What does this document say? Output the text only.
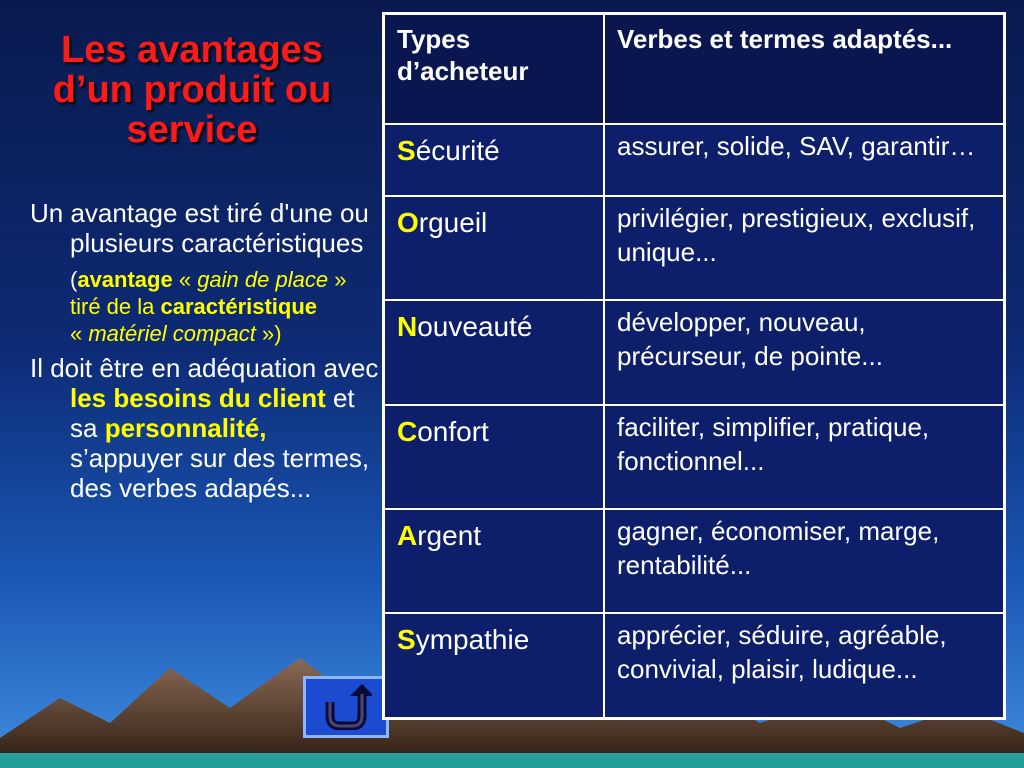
Les avantages d’un produit ou service
Un avantage est tiré d'une ou plusieurs caractéristiques
(avantage « gain de place » tiré de la caractéristique
« matériel compact »)
Il doit être en adéquation avec les besoins du client et sa personnalité, s’appuyer sur des termes, des verbes adapés...
Types d’acheteur	Verbes et termes adaptés...
Sécurité	assurer, solide, SAV, garantir…
Orgueil	privilégier, prestigieux, exclusif, unique...
Nouveauté	développer, nouveau, précurseur, de pointe...
Confort	faciliter, simplifier, pratique, fonctionnel...
Argent	gagner, économiser, marge, rentabilité...
Sympathie	apprécier, séduire, agréable, convivial, plaisir, ludique...
